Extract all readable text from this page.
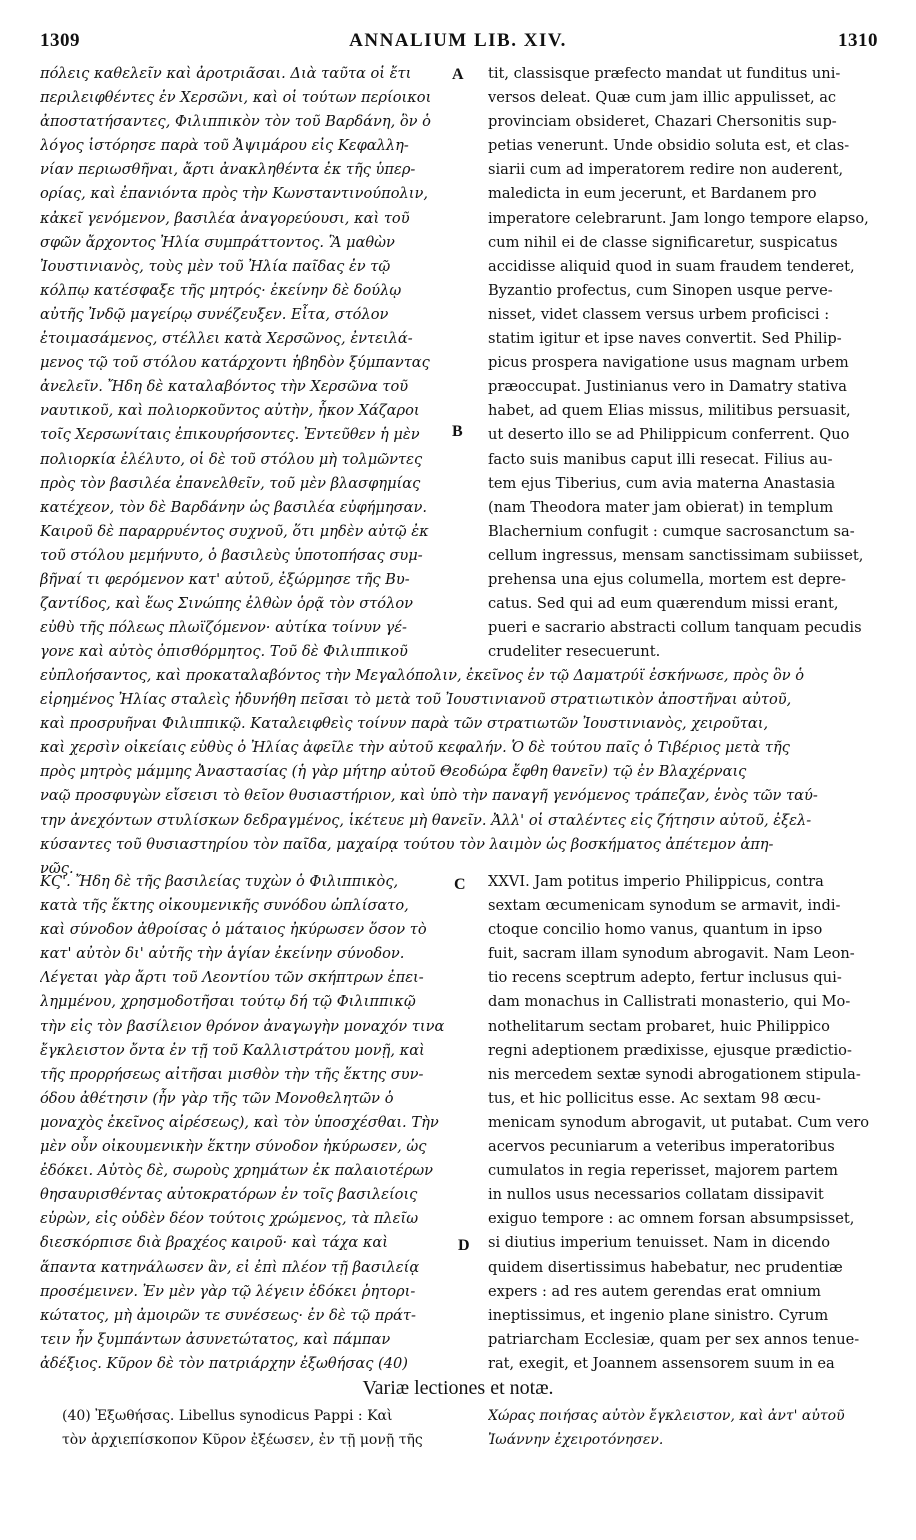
1309	ANNALIUM LIB. XIV.	1310
πόλεις καθελεῖν καὶ ἀροτριᾶσαι. Διὰ ταῦτα οἱ ἔτι
περιλειφθέντες ἐν Χερσῶνι, καὶ οἱ τούτων περίοικοι
ἀποστατήσαντες, Φιλιππικὸν τὸν τοῦ Βαρδάνη, ὃν ὁ
λόγος ἱστόρησε παρὰ τοῦ Ἀψιμάρου εἰς Κεφαλλη-
νίαν περιωσθῆναι, ἄρτι ἀνακληθέντα ἐκ τῆς ὑπερ-
ορίας, καὶ ἐπανιόντα πρὸς τὴν Κωνσταντινούπολιν,
κἀκεῖ γενόμενον, βασιλέα ἀναγορεύουσι, καὶ τοῦ
σφῶν ἄρχοντος Ἠλία συμπράττοντος. Ἃ μαθὼν
Ἰουστινιανὸς, τοὺς μὲν τοῦ Ἠλία παῖδας ἐν τῷ
κόλπῳ κατέσφαξε τῆς μητρός· ἐκείνην δὲ δούλῳ
αὐτῆς Ἰνδῷ μαγείρῳ συνέζευξεν. Εἶτα, στόλον
ἑτοιμασάμενος, στέλλει κατὰ Χερσῶνος, ἐντειλά-
μενος τῷ τοῦ στόλου κατάρχοντι ἡβηδὸν ξύμπαντας
ἀνελεῖν. Ἤδη δὲ καταλαβόντος τὴν Χερσῶνα τοῦ
ναυτικοῦ, καὶ πολιορκοῦντος αὐτὴν, ἧκον Χάζαροι
τοῖς Χερσωνίταις ἐπικουρήσοντες. Ἐντεῦθεν ἡ μὲν
πολιορκία ἐλέλυτο, οἱ δὲ τοῦ στόλου μὴ τολμῶντες
πρὸς τὸν βασιλέα ἐπανελθεῖν, τοῦ μὲν βλασφημίας
κατέχεον, τὸν δὲ Βαρδάνην ὡς βασιλέα εὐφήμησαν.
Καιροῦ δὲ παραρρυέντος συχνοῦ, ὅτι μηδὲν αὐτῷ ἐκ
τοῦ στόλου μεμήνυτο, ὁ βασιλεὺς ὑποτοπήσας συμ-
βῆναί τι φερόμενον κατ' αὐτοῦ, ἐξώρμησε τῆς Βυ-
ζαντίδος, καὶ ἕως Σινώπης ἐλθὼν ὁρᾷ τὸν στόλον
εὐθὺ τῆς πόλεως πλωϊζόμενον· αὐτίκα τοίνυν γέ-
γονε καὶ αὐτὸς ὀπισθόρμητος. Τοῦ δὲ Φιλιππικοῦ
tit, classisque præfecto mandat ut funditus uni-
versos deleat. Quæ cum jam illic appulisset, ac
provinciam obsideret, Chazari Chersonitis sup-
petias venerunt. Unde obsidio soluta est, et clas-
siarii cum ad imperatorem redire non auderent,
maledicta in eum jecerunt, et Bardanem pro
imperatore celebrarunt. Jam longo tempore elapso,
cum nihil ei de classe significaretur, suspicatus
accidisse aliquid quod in suam fraudem tenderet,
Byzantio profectus, cum Sinopen usque perve-
nisset, videt classem versus urbem proficisci :
statim igitur et ipse naves convertit. Sed Philip-
picus prospera navigatione usus magnam urbem
præoccupat. Justinianus vero in Damatry stativa
habet, ad quem Elias missus, militibus persuasit,
ut deserto illo se ad Philippicum conferrent. Quo
facto suis manibus caput illi resecat. Filius au-
tem ejus Tiberius, cum avia materna Anastasia
(nam Theodora mater jam obierat) in templum
Blachernium confugit : cumque sacrosanctum sa-
cellum ingressus, mensam sanctissimam subiisset,
prehensa una ejus columella, mortem est depre-
catus. Sed qui ad eum quærendum missi erant,
pueri e sacrario abstracti collum tanquam pecudis
crudeliter resecuerunt.
A
B
εὐπλοήσαντος, καὶ προκαταλαβόντος τὴν Μεγαλόπολιν, ἐκεῖνος ἐν τῷ Δαματρύϊ ἐσκήνωσε, πρὸς ὃν ὁ
εἰρημένος Ἠλίας σταλεὶς ἠδυνήθη πεῖσαι τὸ μετὰ τοῦ Ἰουστινιανοῦ στρατιωτικὸν ἀποστῆναι αὐτοῦ,
καὶ προσρυῆναι Φιλιππικῷ. Καταλειφθεὶς τοίνυν παρὰ τῶν στρατιωτῶν Ἰουστινιανὸς, χειροῦται,
καὶ χερσὶν οἰκείαις εὐθὺς ὁ Ἠλίας ἀφεῖλε τὴν αὐτοῦ κεφαλήν. Ὁ δὲ τούτου παῖς ὁ Τιβέριος μετὰ τῆς
πρὸς μητρὸς μάμμης Ἀναστασίας (ἡ γὰρ μήτηρ αὐτοῦ Θεοδώρα ἔφθη θανεῖν) τῷ ἐν Βλαχέρναις
ναῷ προσφυγὼν εἴσεισι τὸ θεῖον θυσιαστήριον, καὶ ὑπὸ τὴν παναγῆ γενόμενος τράπεζαν, ἑνὸς τῶν ταύ-
την ἀνεχόντων στυλίσκων δεδραγμένος, ἱκέτευε μὴ θανεῖν. Ἀλλ' οἱ σταλέντες εἰς ζήτησιν αὐτοῦ, ἐξελ-
κύσαντες τοῦ θυσιαστηρίου τὸν παῖδα, μαχαίρᾳ τούτου τὸν λαιμὸν ὡς βοσκήματος ἀπέτεμον ἀπη-
νῶς.
ΚϚ'. Ἤδη δὲ τῆς βασιλείας τυχὼν ὁ Φιλιππικὸς,
κατὰ τῆς ἕκτης οἰκουμενικῆς συνόδου ὡπλίσατο,
καὶ σύνοδον ἀθροίσας ὁ μάταιος ἠκύρωσεν ὅσον τὸ
κατ' αὐτὸν δι' αὐτῆς τὴν ἁγίαν ἐκείνην σύνοδον.
Λέγεται γὰρ ἄρτι τοῦ Λεοντίου τῶν σκήπτρων ἐπει-
λημμένου, χρησμοδοτῆσαι τούτῳ δή τῷ Φιλιππικῷ
τὴν εἰς τὸν βασίλειον θρόνον ἀναγωγὴν μοναχόν τινα
ἔγκλειστον ὄντα ἐν τῇ τοῦ Καλλιστράτου μονῇ, καὶ
τῆς προρρήσεως αἰτῆσαι μισθὸν τὴν τῆς ἕκτης συν-
όδου ἀθέτησιν (ἦν γὰρ τῆς τῶν Μονοθελητῶν ὁ
μοναχὸς ἐκεῖνος αἱρέσεως), καὶ τὸν ὑποσχέσθαι. Τὴν
μὲν οὖν οἰκουμενικὴν ἕκτην σύνοδον ἠκύρωσεν, ὡς
ἐδόκει. Αὐτὸς δὲ, σωροὺς χρημάτων ἐκ παλαιοτέρων
θησαυρισθέντας αὐτοκρατόρων ἐν τοῖς βασιλείοις
εὑρὼν, εἰς οὐδὲν δέον τούτοις χρώμενος, τὰ πλεῖω
διεσκόρπισε διὰ βραχέος καιροῦ· καὶ τάχα καὶ
ἅπαντα κατηνάλωσεν ἂν, εἰ ἐπὶ πλέον τῇ βασιλείᾳ
προσέμεινεν. Ἐν μὲν γὰρ τῷ λέγειν ἐδόκει ῥητορι-
κώτατος, μὴ ἀμοιρῶν τε συνέσεως· ἐν δὲ τῷ πράτ-
τειν ἦν ξυμπάντων ἀσυνετώτατος, καὶ πάμπαν
ἀδέξιος. Κῦρον δὲ τὸν πατριάρχην ἐξωθήσας (40)
XXVI. Jam potitus imperio Philippicus, contra
sextam œcumenicam synodum se armavit, indi-
ctoque concilio homo vanus, quantum in ipso
fuit, sacram illam synodum abrogavit. Nam Leon-
tio recens sceptrum adepto, fertur inclusus qui-
dam monachus in Callistrati monasterio, qui Mo-
nothelitarum sectam probaret, huic Philippico
regni adeptionem prædixisse, ejusque prædictio-
nis mercedem sextæ synodi abrogationem stipula-
tus, et hic pollicitus esse. Ac sextam 98 œcu-
menicam synodum abrogavit, ut putabat. Cum vero
acervos pecuniarum a veteribus imperatoribus
cumulatos in regia reperisset, majorem partem
in nullos usus necessarios collatam dissipavit
exiguo tempore : ac omnem forsan absumpsisset,
si diutius imperium tenuisset. Nam in dicendo
quidem disertissimus habebatur, nec prudentiæ
expers : ad res autem gerendas erat omnium
ineptissimus, et ingenio plane sinistro. Cyrum
patriarcham Ecclesiæ, quam per sex annos tenue-
rat, exegit, et Joannem assensorem suum in ea
C
D
Variæ lectiones et notæ.
(40) Ἐξωθήσας. Libellus synodicus Pappi : Καὶ
τὸν ἀρχιεπίσκοπον Κῦρον ἐξέωσεν, ἐν τῇ μονῇ τῆς
Χώρας ποιήσας αὐτὸν ἔγκλειστον, καὶ ἀντ' αὐτοῦ
Ἰωάννην ἐχειροτόνησεν.
